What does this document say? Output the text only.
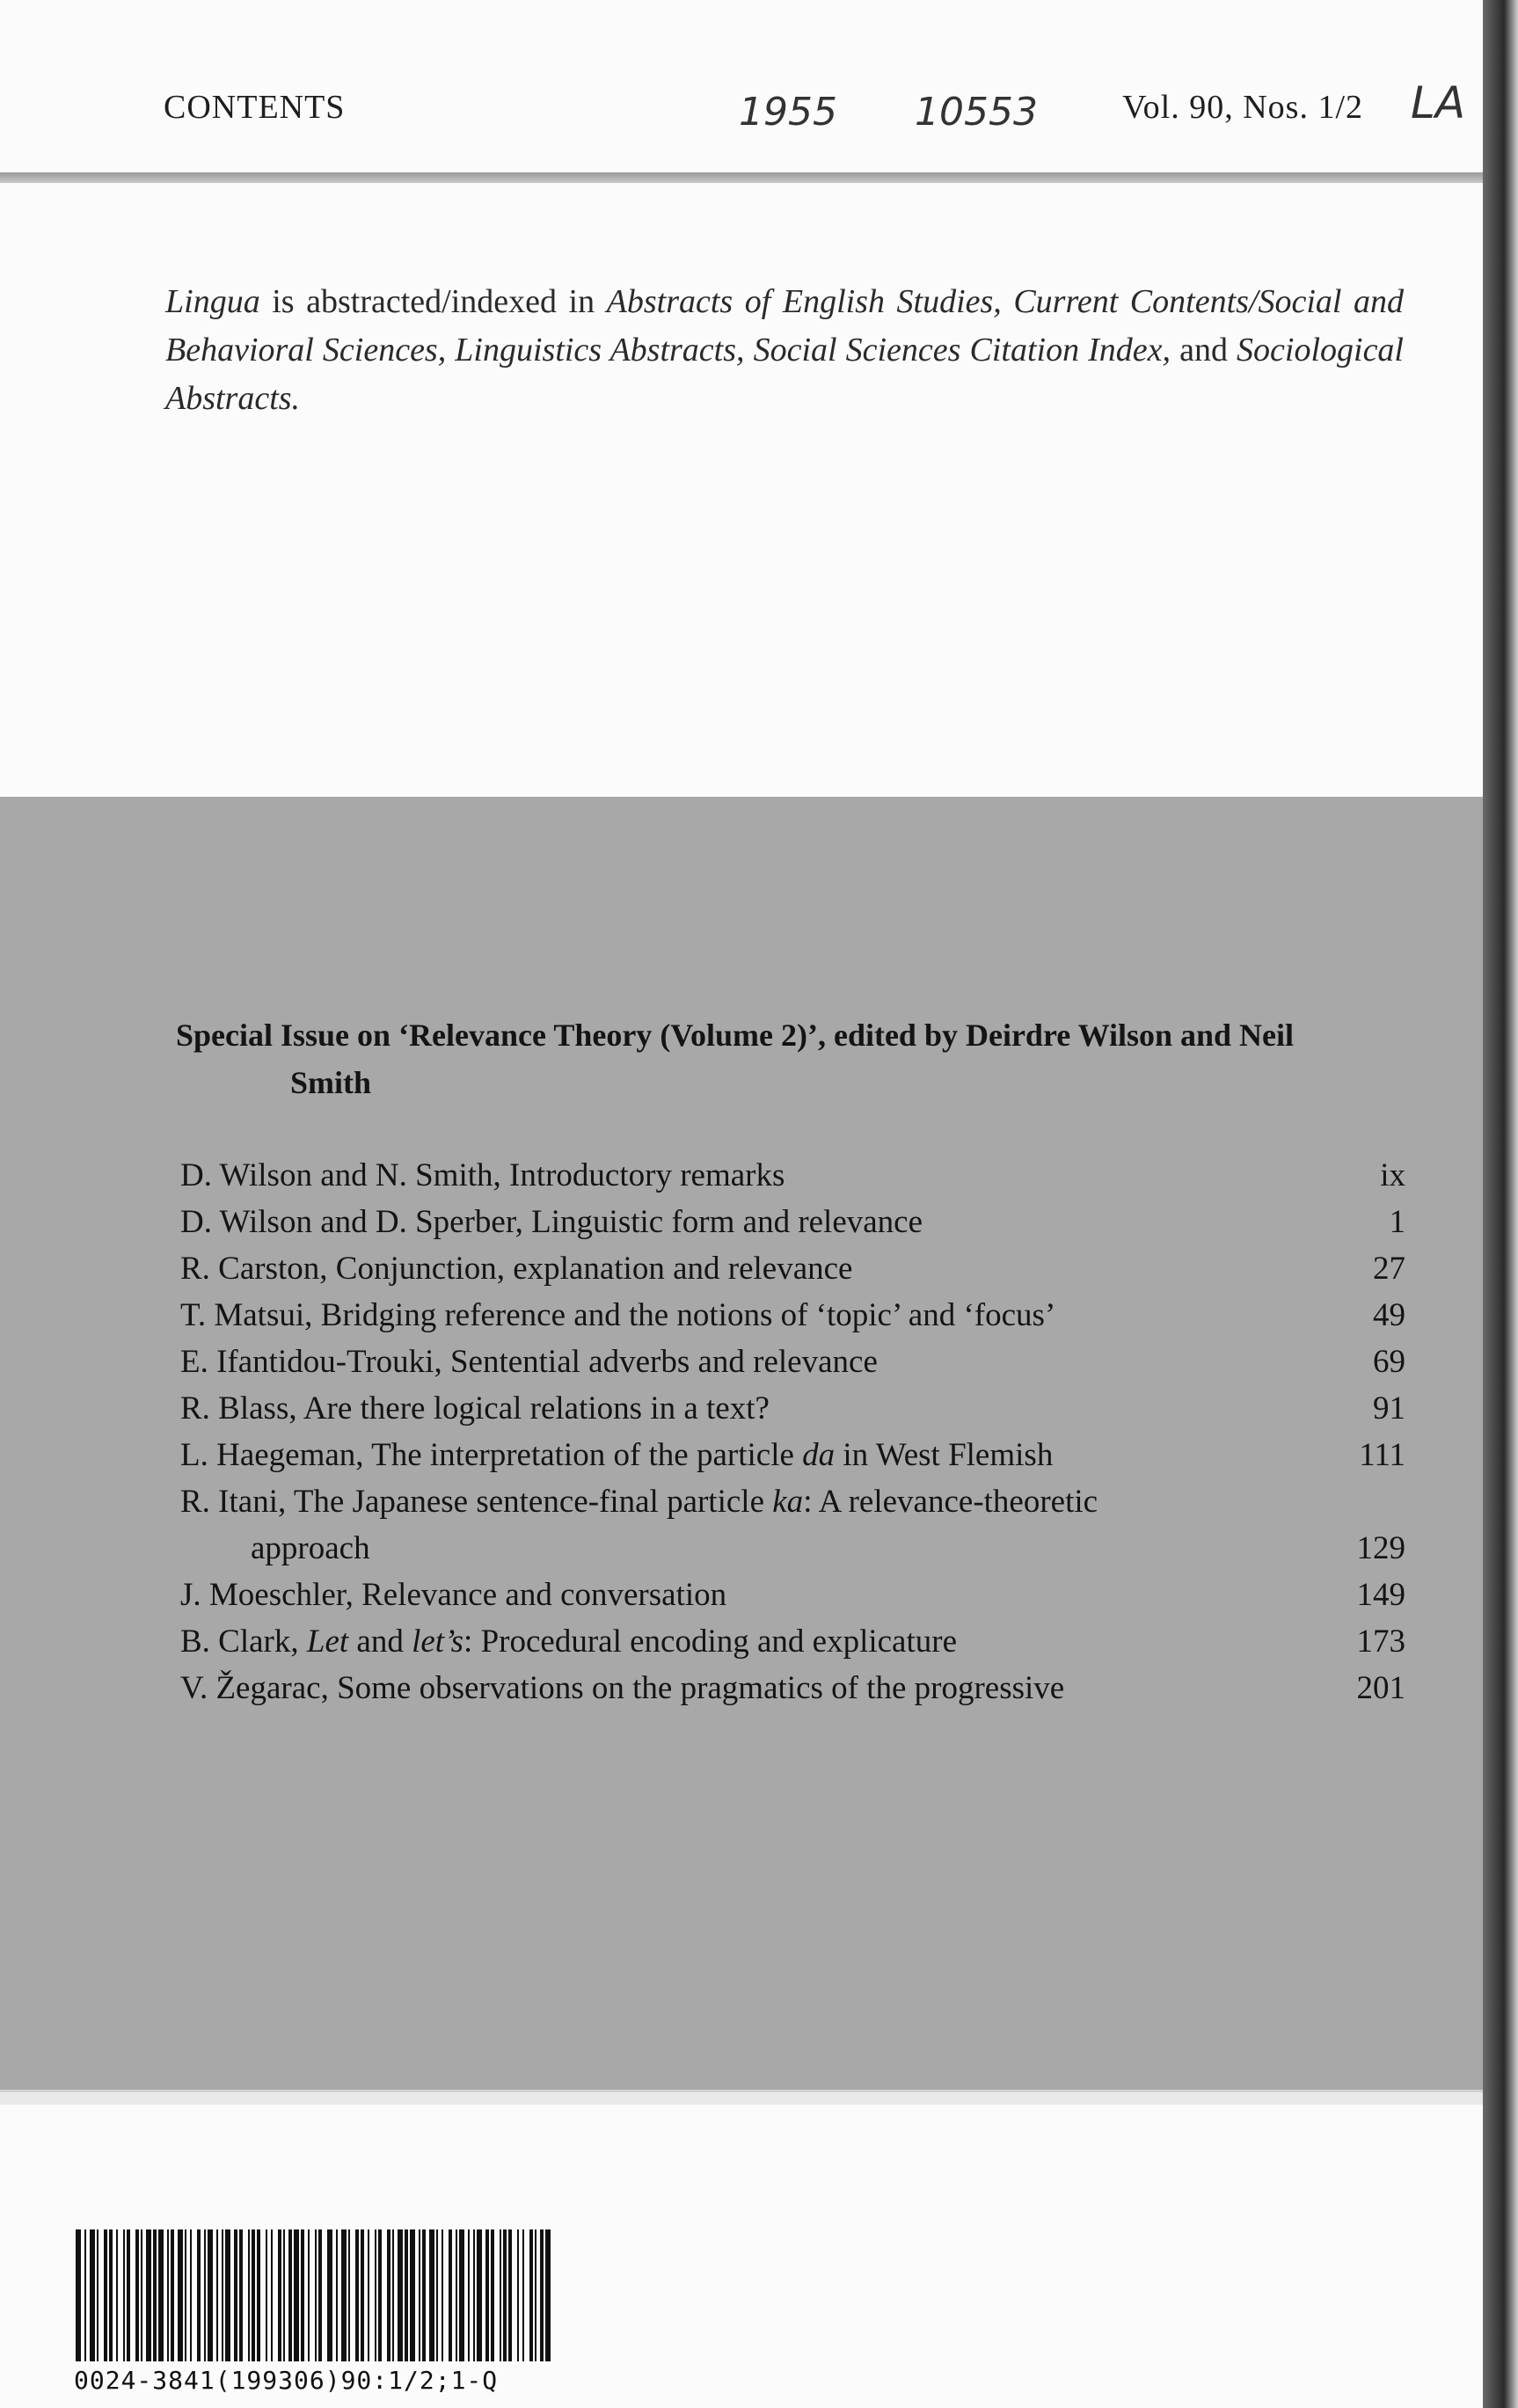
CONTENTS	1955 10553	Vol. 90, Nos. 1/2 LA
Lingua is abstracted/indexed in Abstracts of English Studies, Current Contents/Social and Behavioral Sciences, Linguistics Abstracts, Social Sciences Citation Index, and Sociological Abstracts.
Special Issue on ‘Relevance Theory (Volume 2)’, edited by Deirdre Wilson and Neil
Smith
D. Wilson and N. Smith, Introductory remarks	ix
D. Wilson and D. Sperber, Linguistic form and relevance	1
R. Carston, Conjunction, explanation and relevance	27
T. Matsui, Bridging reference and the notions of ‘topic’ and ‘focus’	49
E. Ifantidou-Trouki, Sentential adverbs and relevance	69
R. Blass, Are there logical relations in a text?	91
L. Haegeman, The interpretation of the particle da in West Flemish	111
R. Itani, The Japanese sentence-final particle ka: A relevance-theoretic
approach	129
J. Moeschler, Relevance and conversation	149
B. Clark, Let and let’s: Procedural encoding and explicature	173
V. Žegarac, Some observations on the pragmatics of the progressive	201
0024-3841(199306)90:1/2;1-Q
